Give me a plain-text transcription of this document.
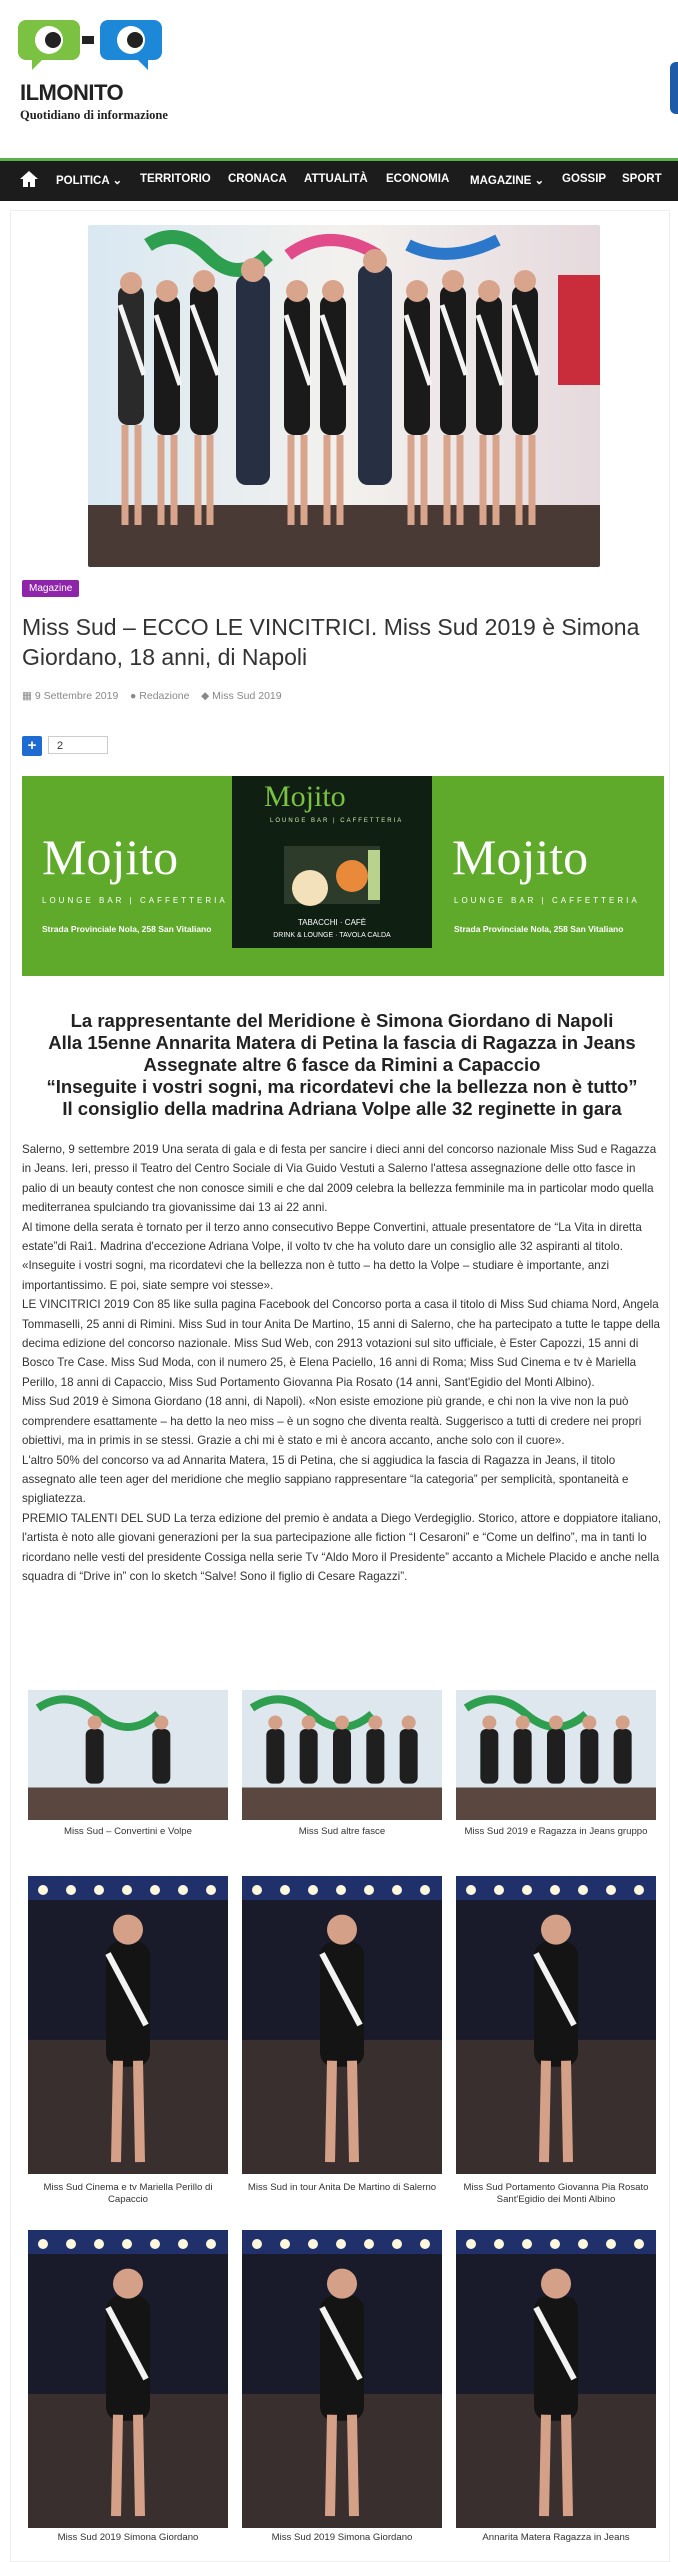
ILMONITO
Quotidiano di informazione
POLITICA ⌄ TERRITORIO CRONACA ATTUALITÀ ECONOMIA MAGAZINE ⌄ GOSSIP SPORT
Magazine
Miss Sud – ECCO LE VINCITRICI. Miss Sud 2019 è Simona Giordano, 18 anni, di Napoli
▦ 9 Settembre 2019 ● Redazione ◆ Miss Sud 2019
+	2
Mojito
LOUNGE BAR | CAFFETTERIA
Strada Provinciale Nola, 258 San Vitaliano
Mojito
LOUNGE BAR | CAFFETTERIA
TABACCHI · CAFÈ
DRINK & LOUNGE · TAVOLA CALDA
Mojito
LOUNGE BAR | CAFFETTERIA
Strada Provinciale Nola, 258 San Vitaliano
La rappresentante del Meridione è Simona Giordano di Napoli
Alla 15enne Annarita Matera di Petina la fascia di Ragazza in Jeans
Assegnate altre 6 fasce da Rimini a Capaccio
“Inseguite i vostri sogni, ma ricordatevi che la bellezza non è tutto”
Il consiglio della madrina Adriana Volpe alle 32 reginette in gara

Salerno, 9 settembre 2019 Una serata di gala e di festa per sancire i dieci anni del concorso nazionale Miss Sud e Ragazza in Jeans. Ieri, presso il Teatro del Centro Sociale di Via Guido Vestuti a Salerno l'attesa assegnazione delle otto fasce in palio di un beauty contest che non conosce simili e che dal 2009 celebra la bellezza femminile ma in particolar modo quella mediterranea spulciando tra giovanissime dai 13 ai 22 anni.

Al timone della serata è tornato per il terzo anno consecutivo Beppe Convertini, attuale presentatore de “La Vita in diretta estate”di Rai1. Madrina d'eccezione Adriana Volpe, il volto tv che ha voluto dare un consiglio alle 32 aspiranti al titolo. «Inseguite i vostri sogni, ma ricordatevi che la bellezza non è tutto – ha detto la Volpe – studiare è importante, anzi importantissimo. E poi, siate sempre voi stesse».

LE VINCITRICI 2019 Con 85 like sulla pagina Facebook del Concorso porta a casa il titolo di Miss Sud chiama Nord, Angela Tommaselli, 25 anni di Rimini. Miss Sud in tour Anita De Martino, 15 anni di Salerno, che ha partecipato a tutte le tappe della decima edizione del concorso nazionale. Miss Sud Web, con 2913 votazioni sul sito ufficiale, è Ester Capozzi, 15 anni di Bosco Tre Case. Miss Sud Moda, con il numero 25, è Elena Paciello, 16 anni di Roma; Miss Sud Cinema e tv è Mariella Perillo, 18 anni di Capaccio, Miss Sud Portamento Giovanna Pia Rosato (14 anni, Sant'Egidio del Monti Albino).

Miss Sud 2019 è Simona Giordano (18 anni, di Napoli). «Non esiste emozione più grande, e chi non la vive non la può comprendere esattamente – ha detto la neo miss – è un sogno che diventa realtà. Suggerisco a tutti di credere nei propri obiettivi, ma in primis in se stessi. Grazie a chi mi è stato e mi è ancora accanto, anche solo con il cuore».

L'altro 50% del concorso va ad Annarita Matera, 15 di Petina, che si aggiudica la fascia di Ragazza in Jeans, il titolo assegnato alle teen ager del meridione che meglio sappiano rappresentare “la categoria” per semplicità, spontaneità e spigliatezza.

PREMIO TALENTI DEL SUD La terza edizione del premio è andata a Diego Verdegiglio. Storico, attore e doppiatore italiano, l'artista è noto alle giovani generazioni per la sua partecipazione alle fiction “I Cesaroni” e “Come un delfino”, ma in tanti lo ricordano nelle vesti del presidente Cossiga nella serie Tv “Aldo Moro il Presidente” accanto a Michele Placido e anche nella squadra di “Drive in” con lo sketch “Salve! Sono il figlio di Cesare Ragazzi”.

Miss Sud – Convertini e Volpe	Miss Sud altre fasce	Miss Sud 2019 e Ragazza in Jeans gruppo
Miss Sud Cinema e tv Mariella Perillo di Capaccio
Miss Sud in tour Anita De Martino di Salerno	Miss Sud Portamento Giovanna Pia Rosato Sant'Egidio dei Monti Albino
Miss Sud 2019 Simona Giordano	Miss Sud 2019 Simona Giordano	Annarita Matera Ragazza in Jeans
